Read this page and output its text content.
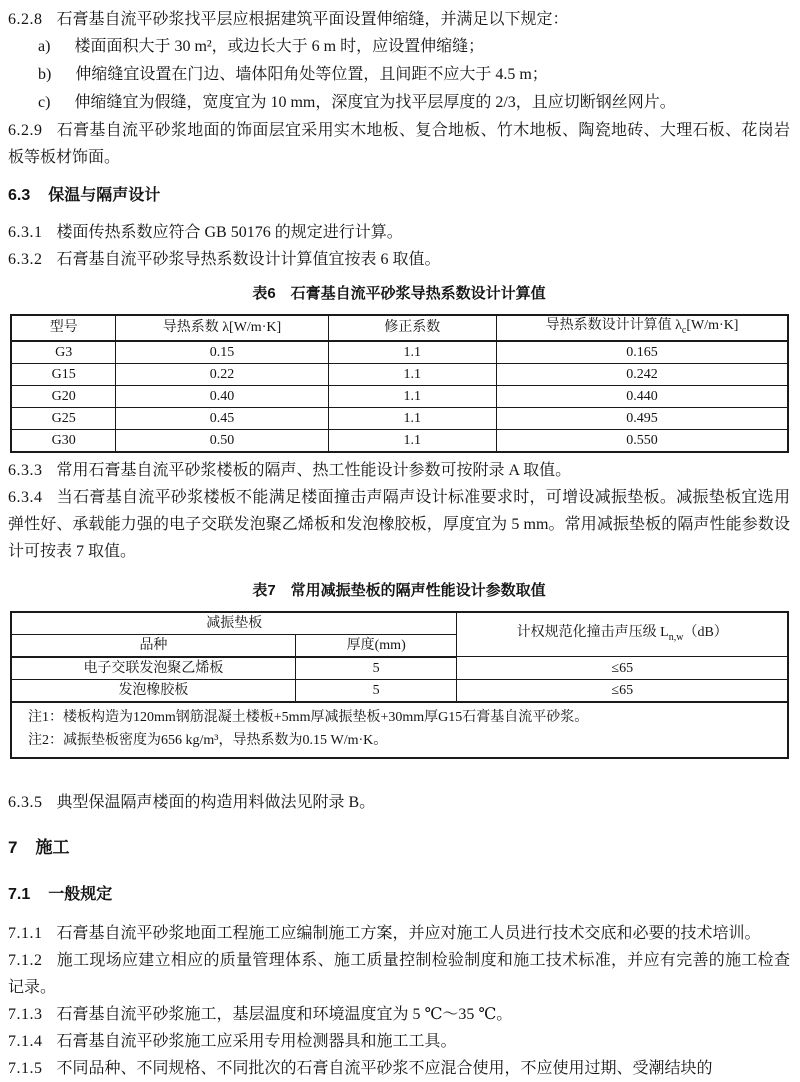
6.2.8 石膏基自流平砂浆找平层应根据建筑平面设置伸缩缝，并满足以下规定：

a) 楼面面积大于 30 m²，或边长大于 6 m 时，应设置伸缩缝；

b) 伸缩缝宜设置在门边、墙体阳角处等位置，且间距不应大于 4.5 m；

c) 伸缩缝宜为假缝，宽度宜为 10 mm，深度宜为找平层厚度的 2/3，且应切断钢丝网片。

6.2.9 石膏基自流平砂浆地面的饰面层宜采用实木地板、复合地板、竹木地板、陶瓷地砖、大理石板、花岗岩板等板材饰面。

6.3 保温与隔声设计

6.3.1 楼面传热系数应符合 GB 50176 的规定进行计算。

6.3.2 石膏基自流平砂浆导热系数设计计算值宜按表 6 取值。

表6　石膏基自流平砂浆导热系数设计计算值
型号	导热系数 λ[W/m·K]	修正系数	导热系数设计计算值 $\lambda_c[W/m\cdot K]$
G3	0.15	1.1	0.165
G15	0.22	1.1	0.242
G20	0.40	1.1	0.440
G25	0.45	1.1	0.495
G30	0.50	1.1	0.550

6.3.3 常用石膏基自流平砂浆楼板的隔声、热工性能设计参数可按附录 A 取值。

6.3.4 当石膏基自流平砂浆楼板不能满足楼面撞击声隔声设计标准要求时，可增设减振垫板。减振垫板宜选用弹性好、承载能力强的电子交联发泡聚乙烯板和发泡橡胶板，厚度宜为 5 mm。常用减振垫板的隔声性能参数设计可按表 7 取值。

表7　常用减振垫板的隔声性能设计参数取值
减振垫板		计权规范化撞击声压级 $L_{n,w}(dB)$
品种	厚度(mm)	
电子交联发泡聚乙烯板	5	≤65
发泡橡胶板	5	≤65

注1：楼板构造为120mm钢筋混凝土楼板+5mm厚减振垫板+30mm厚G15石膏基自流平砂浆。
注2：减振垫板密度为656 kg/m³，导热系数为0.15 W/m·K。		

6.3.5 典型保温隔声楼面的构造用料做法见附录 B。

7 施工
7.1 一般规定

7.1.1 石膏基自流平砂浆地面工程施工应编制施工方案，并应对施工人员进行技术交底和必要的技术培训。

7.1.2 施工现场应建立相应的质量管理体系、施工质量控制检验制度和施工技术标准，并应有完善的施工检查记录。

7.1.3 石膏基自流平砂浆施工，基层温度和环境温度宜为 5 ℃～35 ℃。

7.1.4 石膏基自流平砂浆施工应采用专用检测器具和施工工具。

7.1.5 不同品种、不同规格、不同批次的石膏自流平砂浆不应混合使用，不应使用过期、受潮结块的
